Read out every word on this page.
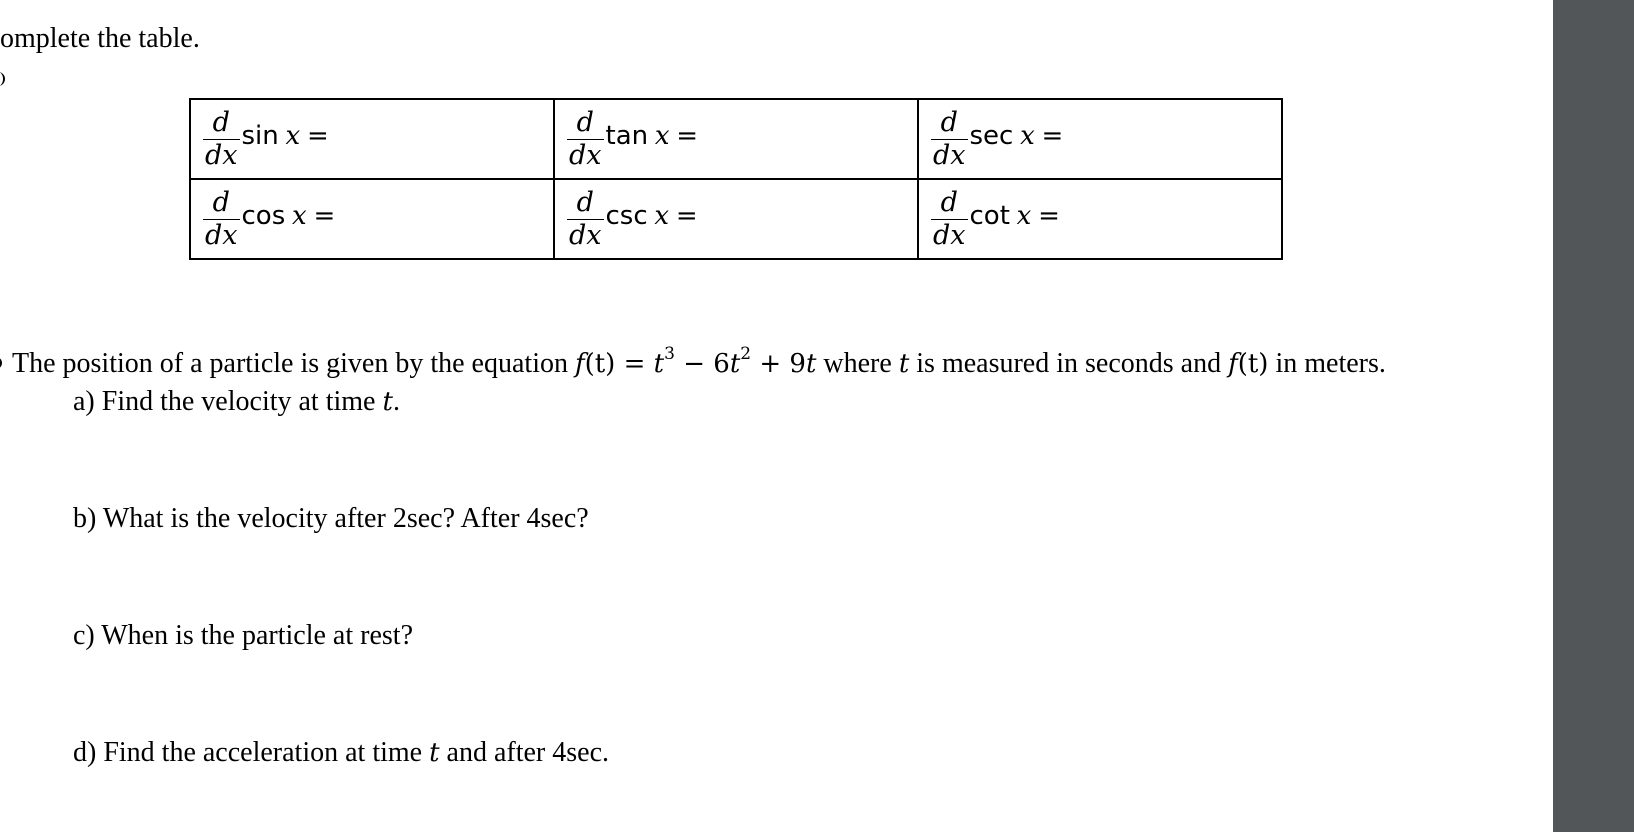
omplete the table.
$\frac{d}{dx}$ sin
x
=	$\frac{d}{dx}$ tan
x
=	$\frac{d}{dx}$ sec
x
=

$\frac{d}{dx}$ cos
x
=	$\frac{d}{dx}$ csc
x
=	$\frac{d}{dx}$ cot
x
=
The position of a particle is given by the equation $f(t) = t^3 - 6t^2 + 9t$ where t is measured in seconds and f(t) in meters.
a) Find the velocity at time t.
b) What is the velocity after 2sec? After 4sec?
c) When is the particle at rest?
d) Find the acceleration at time t and after 4sec.
